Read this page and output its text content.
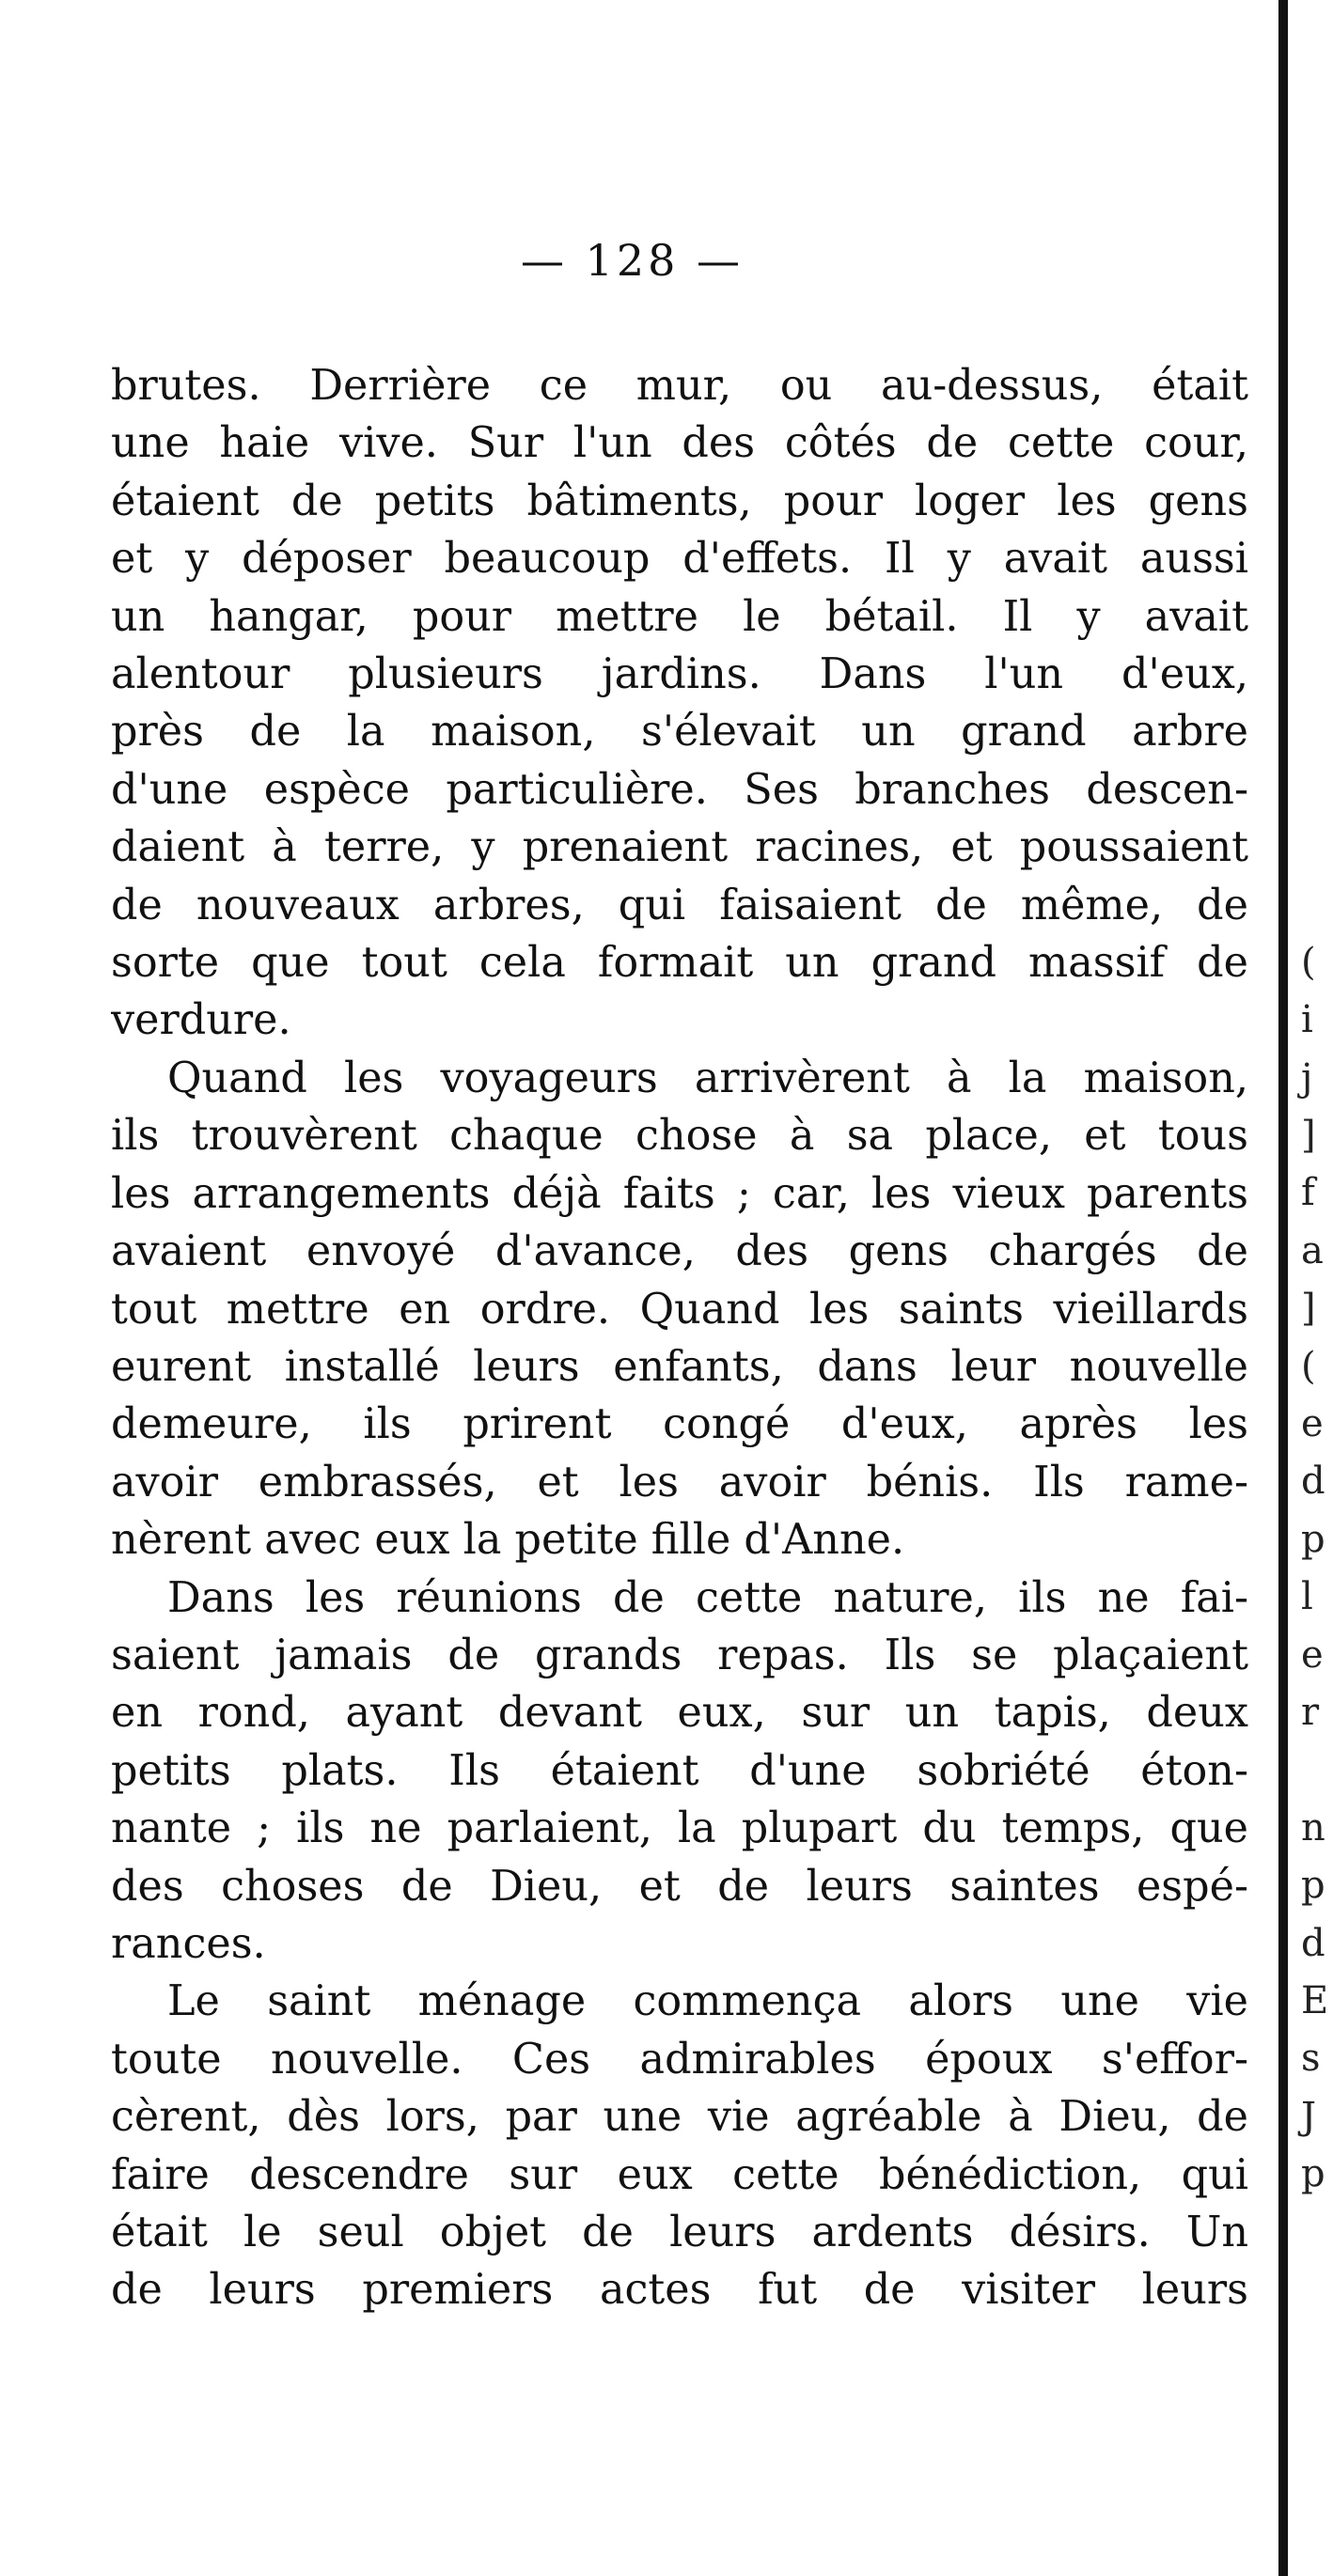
— 128 —
brutes. Derrière ce mur, ou au-dessus, était
une haie vive. Sur l'un des côtés de cette cour,
étaient de petits bâtiments, pour loger les gens
et y déposer beaucoup d'effets. Il y avait aussi
un hangar, pour mettre le bétail. Il y avait
alentour plusieurs jardins. Dans l'un d'eux,
près de la maison, s'élevait un grand arbre
d'une espèce particulière. Ses branches descen-
daient à terre, y prenaient racines, et poussaient
de nouveaux arbres, qui faisaient de même, de
sorte que tout cela formait un grand massif de
verdure.
Quand les voyageurs arrivèrent à la maison,
ils trouvèrent chaque chose à sa place, et tous
les arrangements déjà faits ; car, les vieux parents
avaient envoyé d'avance, des gens chargés de
tout mettre en ordre. Quand les saints vieillards
eurent installé leurs enfants, dans leur nouvelle
demeure, ils prirent congé d'eux, après les
avoir embrassés, et les avoir bénis. Ils rame-
nèrent avec eux la petite fille d'Anne.
Dans les réunions de cette nature, ils ne fai-
saient jamais de grands repas. Ils se plaçaient
en rond, ayant devant eux, sur un tapis, deux
petits plats. Ils étaient d'une sobriété éton-
nante ; ils ne parlaient, la plupart du temps, que
des choses de Dieu, et de leurs saintes espé-
rances.
Le saint ménage commença alors une vie
toute nouvelle. Ces admirables époux s'effor-
cèrent, dès lors, par une vie agréable à Dieu, de
faire descendre sur eux cette bénédiction, qui
était le seul objet de leurs ardents désirs. Un
de leurs premiers actes fut de visiter leurs
(
i
j
]
f
a
]
(
e
d
p
l
e
r
n
p
d
E
s
J
p
